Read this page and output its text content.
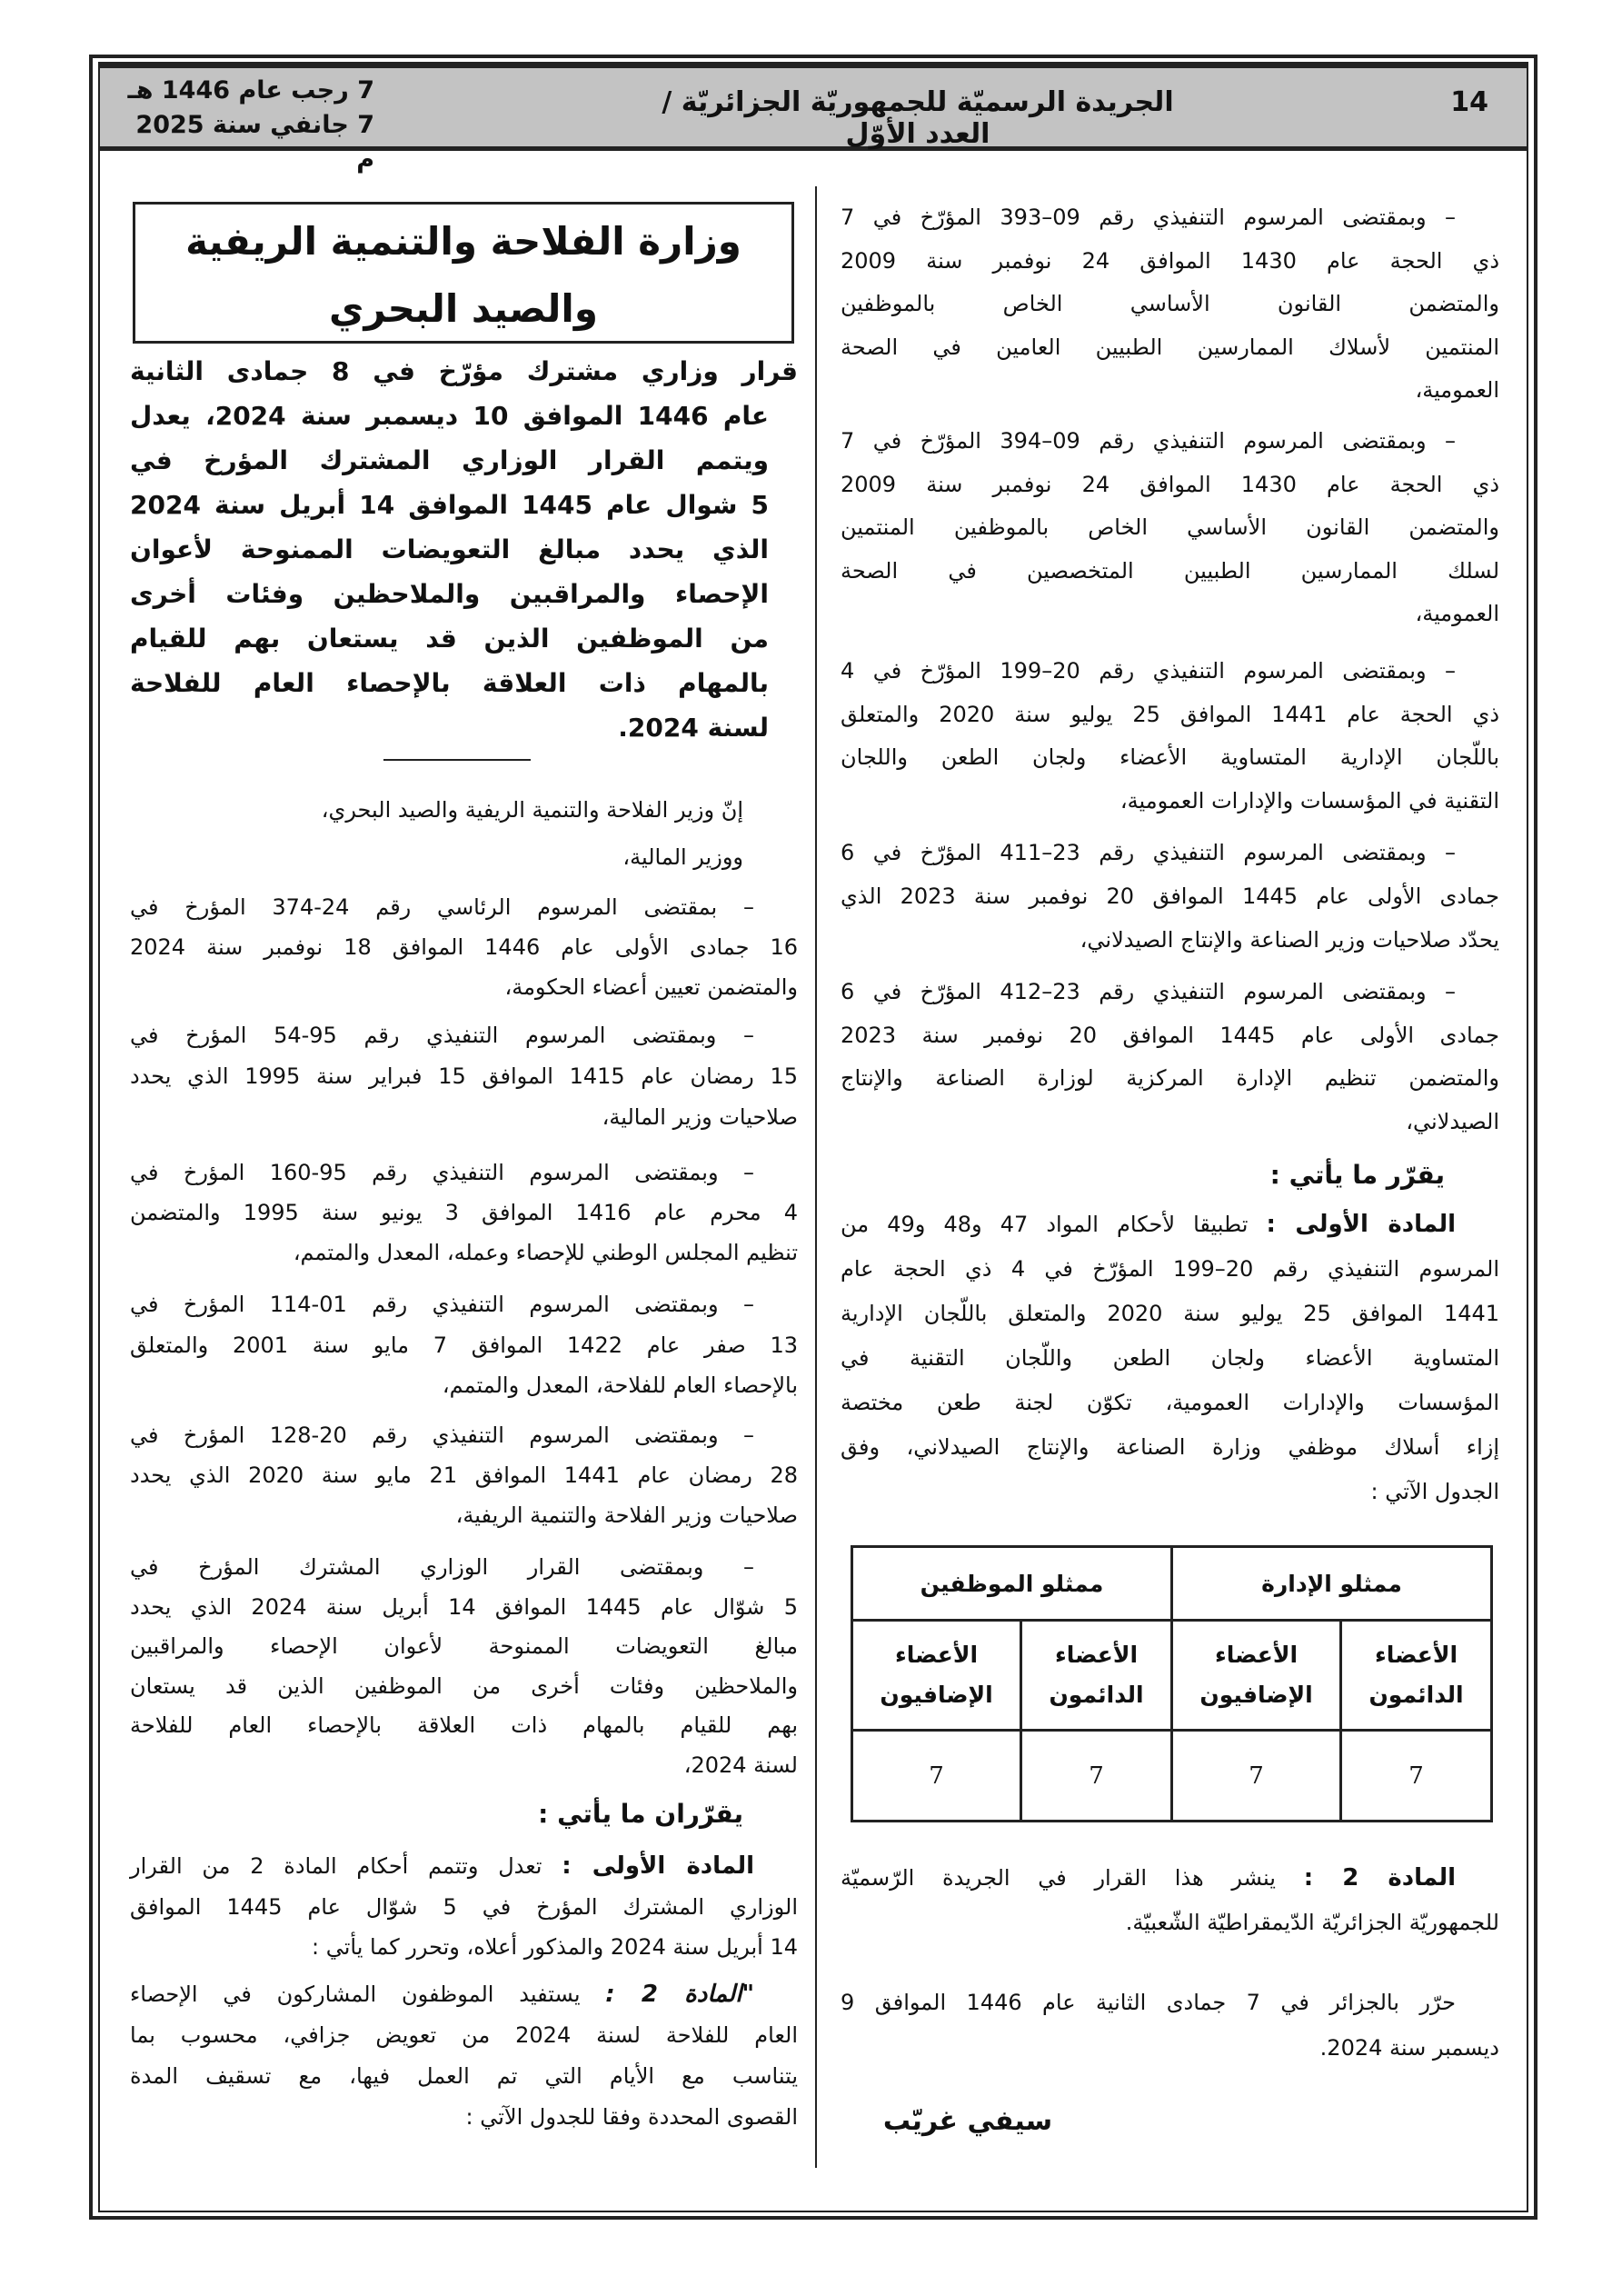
14
الجريدة الرسميّة للجمهوريّة الجزائريّة / العدد الأوّل
7 رجب عام 1446 هـ
7 جانفي سنة 2025 م
وزارة الفلاحة والتنمية الريفية
والصيد البحري
– وبمقتضى المرسوم التنفيذي رقم 09–393 المؤرّخ في 7
ذي الحجة عام 1430 الموافق 24 نوفمبر سنة 2009
والمتضمن القانون الأساسي الخاص بالموظفين
المنتمين لأسلاك الممارسين الطبيين العامين في الصحة
العمومية،
– وبمقتضى المرسوم التنفيذي رقم 09–394 المؤرّخ في 7
ذي الحجة عام 1430 الموافق 24 نوفمبر سنة 2009
والمتضمن القانون الأساسي الخاص بالموظفين المنتمين
لسلك الممارسين الطبيين المتخصصين في الصحة
العمومية،
– وبمقتضى المرسوم التنفيذي رقم 20–199 المؤرّخ في 4
ذي الحجة عام 1441 الموافق 25 يوليو سنة 2020 والمتعلق
باللّجان الإدارية المتساوية الأعضاء ولجان الطعن واللجان
التقنية في المؤسسات والإدارات العمومية،
– وبمقتضى المرسوم التنفيذي رقم 23–411 المؤرّخ في 6
جمادى الأولى عام 1445 الموافق 20 نوفمبر سنة 2023 الذي
يحدّد صلاحيات وزير الصناعة والإنتاج الصيدلاني،
– وبمقتضى المرسوم التنفيذي رقم 23–412 المؤرّخ في 6
جمادى الأولى عام 1445 الموافق 20 نوفمبر سنة 2023
والمتضمن تنظيم الإدارة المركزية لوزارة الصناعة والإنتاج
الصيدلاني،
يقرّر ما يأتي :
المادة الأولى : تطبيقا لأحكام المواد 47 و48 و49 من
المرسوم التنفيذي رقم 20–199 المؤرّخ في 4 ذي الحجة عام
1441 الموافق 25 يوليو سنة 2020 والمتعلق باللّجان الإدارية
المتساوية الأعضاء ولجان الطعن واللّجان التقنية في
المؤسسات والإدارات العمومية، تكوّن لجنة طعن مختصة
إزاء أسلاك موظفي وزارة الصناعة والإنتاج الصيدلاني، وفق
الجدول الآتي :
المادة 2 : ينشر هذا القرار في الجريدة الرّسميّة
للجمهوريّة الجزائريّة الدّيمقراطيّة الشّعبيّة.
حرّر بالجزائر في 7 جمادى الثانية عام 1446 الموافق 9
ديسمبر سنة 2024.
قرار وزاري مشترك مؤرّخ في 8 جمادى الثانية
عام 1446 الموافق 10 ديسمبر سنة 2024، يعدل
ويتمم القرار الوزاري المشترك المؤرخ في
5 شوال عام 1445 الموافق 14 أبريل سنة 2024
الذي يحدد مبالغ التعويضات الممنوحة لأعوان
الإحصاء والمراقبين والملاحظين وفئات أخرى
من الموظفين الذين قد يستعان بهم للقيام
بالمهام ذات العلاقة بالإحصاء العام للفلاحة
لسنة 2024.
إنّ وزير الفلاحة والتنمية الريفية والصيد البحري،
ووزير المالية،
– بمقتضى المرسوم الرئاسي رقم 24-374 المؤرخ في
16 جمادى الأولى عام 1446 الموافق 18 نوفمبر سنة 2024
والمتضمن تعيين أعضاء الحكومة،
– وبمقتضى المرسوم التنفيذي رقم 95-54 المؤرخ في
15 رمضان عام 1415 الموافق 15 فبراير سنة 1995 الذي يحدد
صلاحيات وزير المالية،
– وبمقتضى المرسوم التنفيذي رقم 95-160 المؤرخ في
4 محرم عام 1416 الموافق 3 يونيو سنة 1995 والمتضمن
تنظيم المجلس الوطني للإحصاء وعمله، المعدل والمتمم،
– وبمقتضى المرسوم التنفيذي رقم 01-114 المؤرخ في
13 صفر عام 1422 الموافق 7 مايو سنة 2001 والمتعلق
بالإحصاء العام للفلاحة، المعدل والمتمم،
– وبمقتضى المرسوم التنفيذي رقم 20-128 المؤرخ في
28 رمضان عام 1441 الموافق 21 مايو سنة 2020 الذي يحدد
صلاحيات وزير الفلاحة والتنمية الريفية،
– وبمقتضى القرار الوزاري المشترك المؤرخ في
5 شوّال عام 1445 الموافق 14 أبريل سنة 2024 الذي يحدد
مبالغ التعويضات الممنوحة لأعوان الإحصاء والمراقبين
والملاحظين وفئات أخرى من الموظفين الذين قد يستعان
بهم للقيام بالمهام ذات العلاقة بالإحصاء العام للفلاحة
لسنة 2024،
يقرّران ما يأتي :
المادة الأولى : تعدل وتتمم أحكام المادة 2 من القرار
الوزاري المشترك المؤرخ في 5 شوّال عام 1445 الموافق
14 أبريل سنة 2024 والمذكور أعلاه، وتحرر كما يأتي :
"المادة 2 : يستفيد الموظفون المشاركون في الإحصاء
العام للفلاحة لسنة 2024 من تعويض جزافي، محسوب بما
يتناسب مع الأيام التي تم العمل فيها، مع تسقيف المدة
القصوى المحددة وفقا للجدول الآتي :
ممثلو الإدارة		ممثلو الموظفين	
الأعضاء الدائمون	الأعضاء الإضافيون	الأعضاء الدائمون	الأعضاء الإضافيون
7	7	7	7
سيفي غريّب
